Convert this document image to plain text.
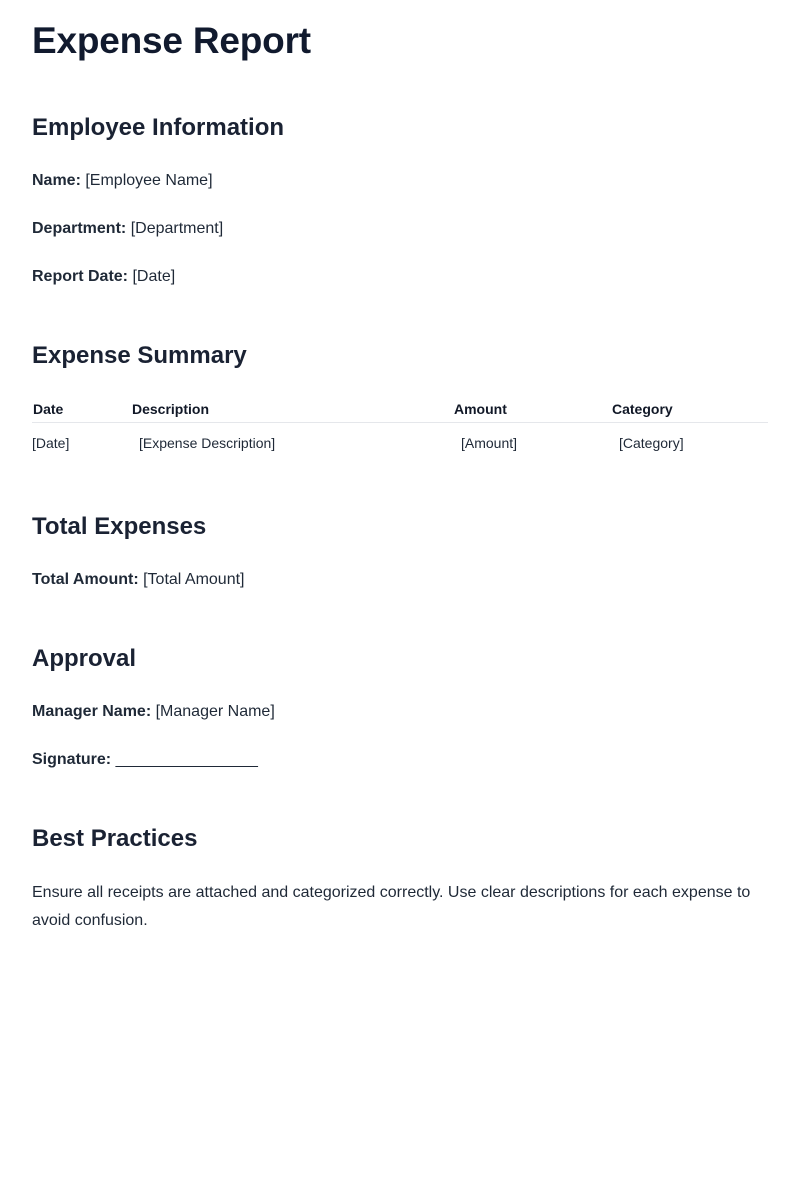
Expense Report
Employee Information
Name: [Employee Name]
Department: [Department]
Report Date: [Date]
Expense Summary
Date	Description	Amount	Category
[Date]	[Expense Description]	[Amount]	[Category]
Total Expenses
Total Amount: [Total Amount]
Approval
Manager Name: [Manager Name]
Signature: ________________
Best Practices
Ensure all receipts are attached and categorized correctly. Use clear descriptions for each expense to avoid confusion.
